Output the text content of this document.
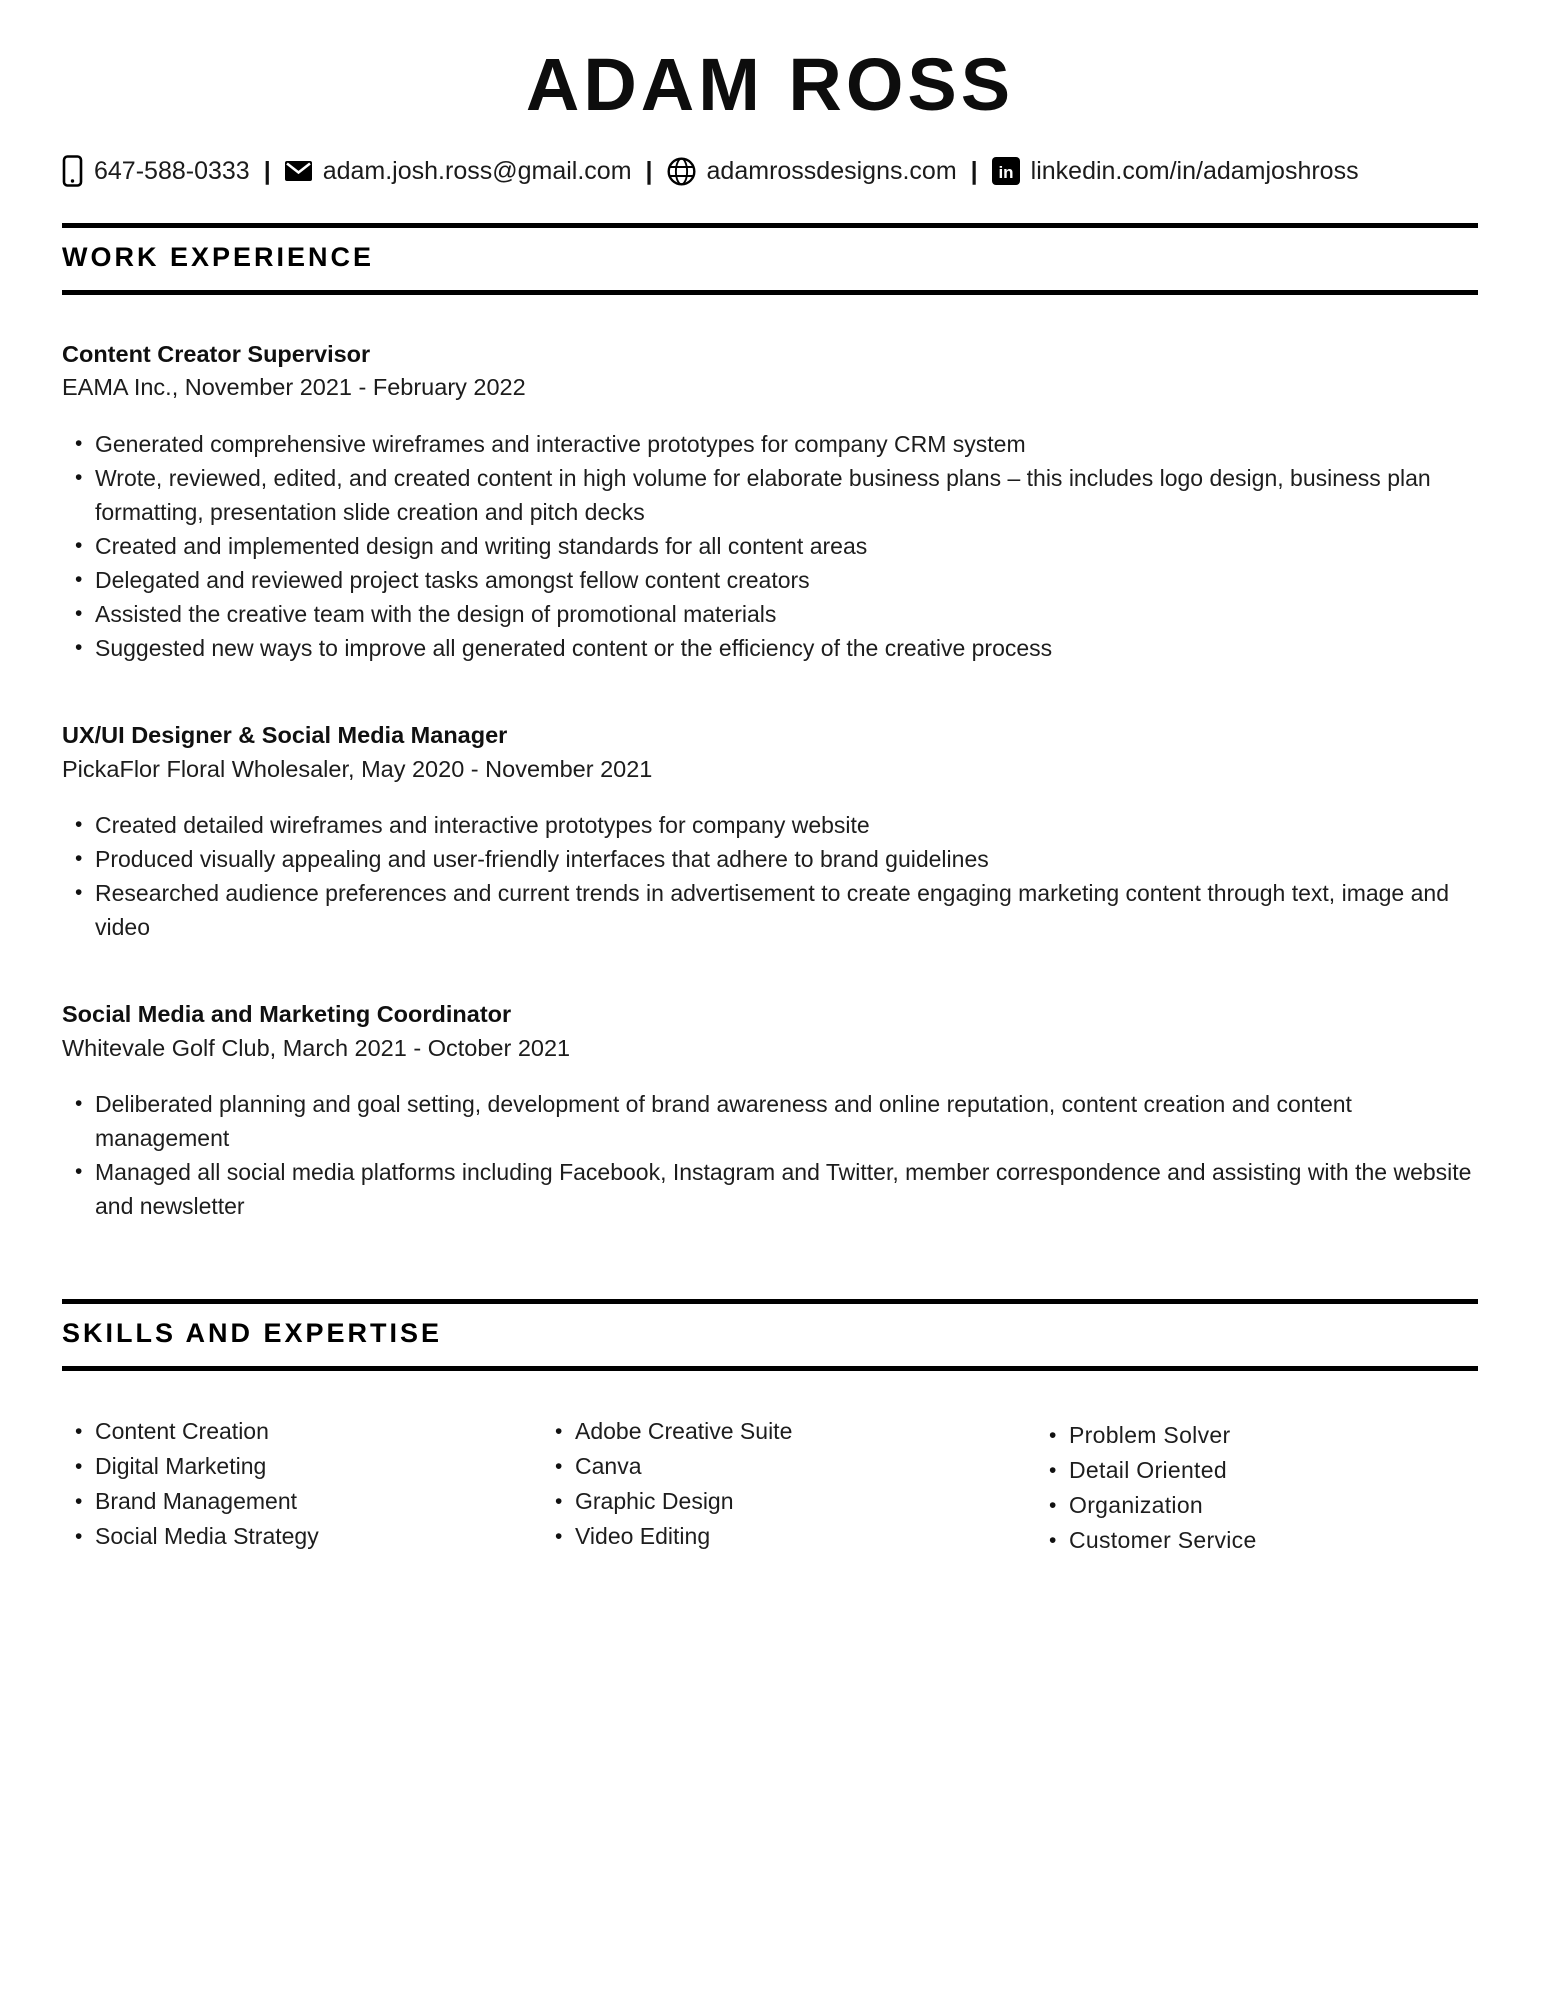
ADAM ROSS
647-588-0333 | adam.josh.ross@gmail.com | adamrossdesigns.com | in linkedin.com/in/adamjoshross
WORK EXPERIENCE
Content Creator Supervisor

EAMA Inc., November 2021 - February 2022

• Generated comprehensive wireframes and interactive prototypes for company CRM system
• Wrote, reviewed, edited, and created content in high volume for elaborate business plans – this includes logo design, business plan formatting, presentation slide creation and pitch decks
• Created and implemented design and writing standards for all content areas
• Delegated and reviewed project tasks amongst fellow content creators
• Assisted the creative team with the design of promotional materials
• Suggested new ways to improve all generated content or the efficiency of the creative process
UX/UI Designer & Social Media Manager

PickaFlor Floral Wholesaler, May 2020 - November 2021

• Created detailed wireframes and interactive prototypes for company website
• Produced visually appealing and user-friendly interfaces that adhere to brand guidelines
• Researched audience preferences and current trends in advertisement to create engaging marketing content through text, image and video
Social Media and Marketing Coordinator

Whitevale Golf Club, March 2021 - October 2021

• Deliberated planning and goal setting, development of brand awareness and online reputation, content creation and content management
• Managed all social media platforms including Facebook, Instagram and Twitter, member correspondence and assisting with the website and newsletter
SKILLS AND EXPERTISE
• Content Creation
• Digital Marketing
• Brand Management
• Social Media Strategy
• Adobe Creative Suite
• Canva
• Graphic Design
• Video Editing
• Problem Solver
• Detail Oriented
• Organization
• Customer Service
